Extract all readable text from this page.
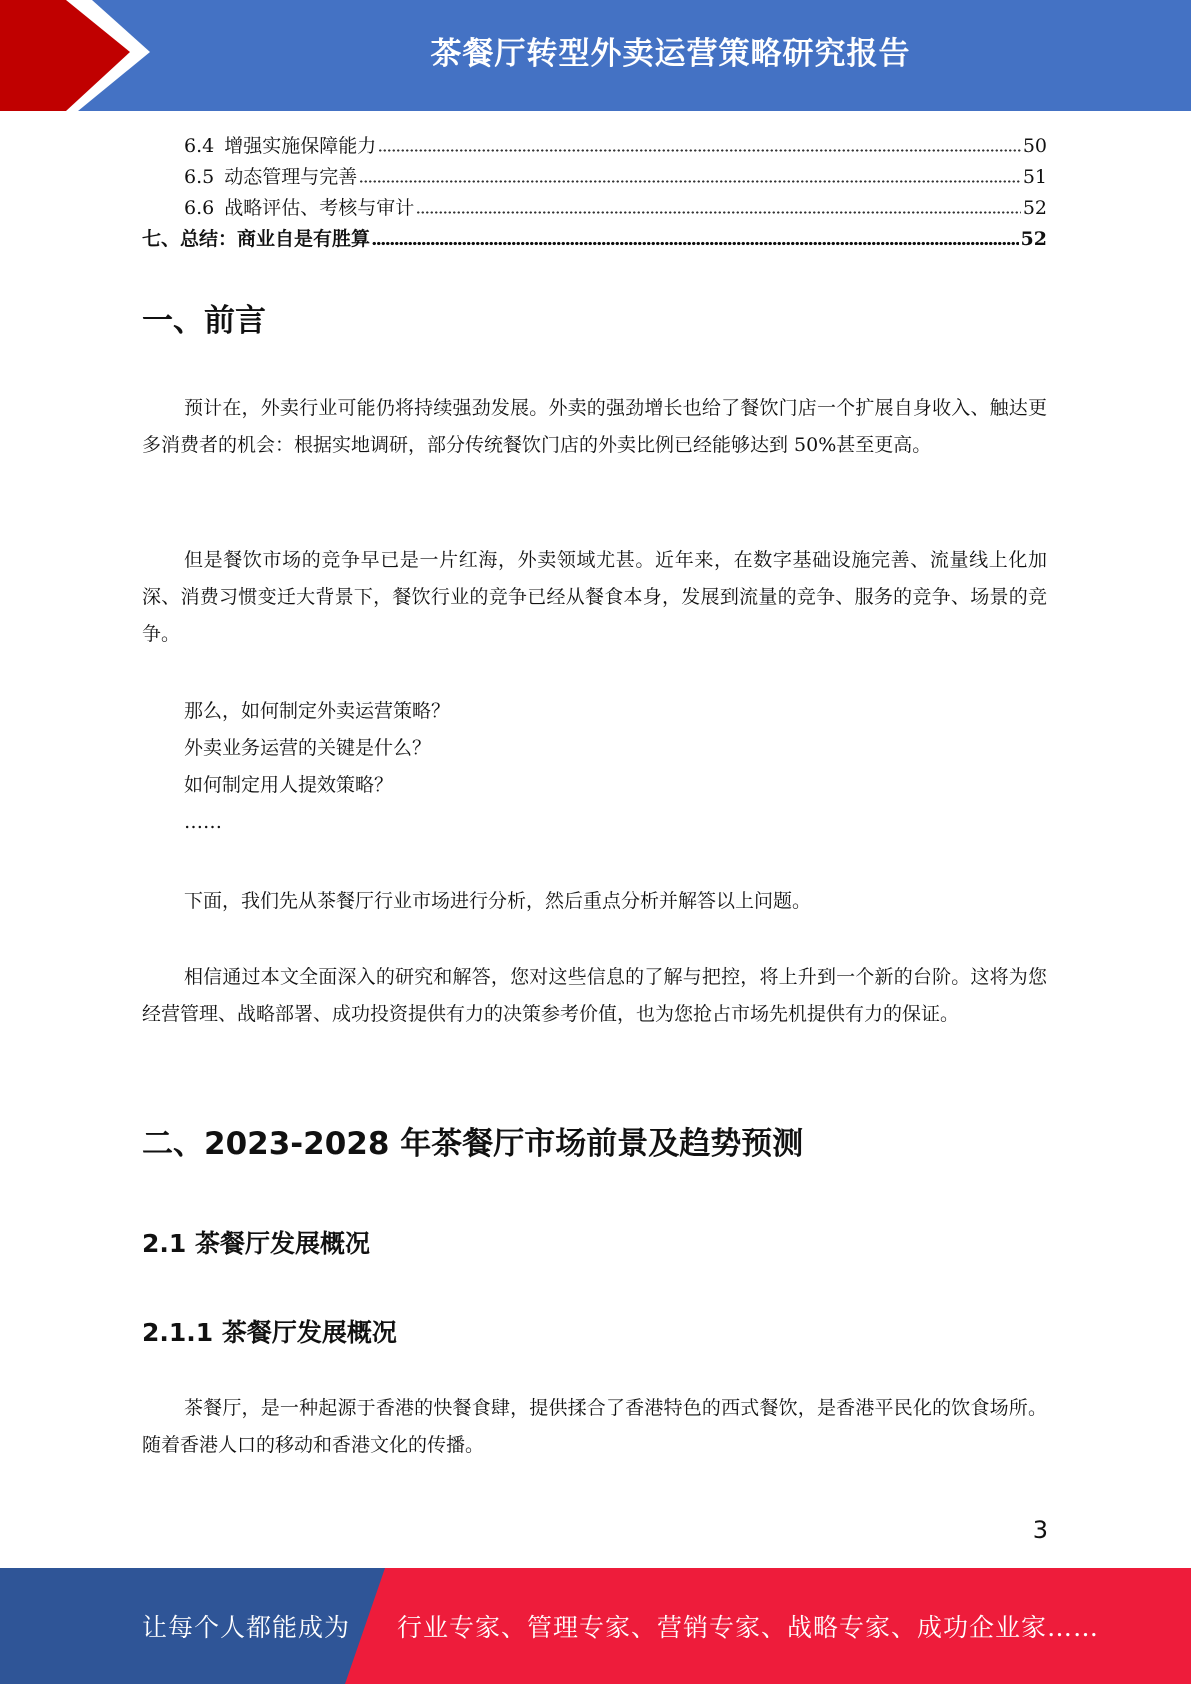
茶餐厅转型外卖运营策略研究报告
6.4 增强实施保障能力	50
6.5 动态管理与完善	51
6.6 战略评估、考核与审计	52
七、总结：商业自是有胜算	52
一、前言

预计在，外卖行业可能仍将持续强劲发展。外卖的强劲增长也给了餐饮门店一个扩展自身收入、触达更多消费者的机会：根据实地调研，部分传统餐饮门店的外卖比例已经能够达到 50%甚至更高。

但是餐饮市场的竞争早已是一片红海，外卖领域尤甚。近年来，在数字基础设施完善、流量线上化加深、消费习惯变迁大背景下，餐饮行业的竞争已经从餐食本身，发展到流量的竞争、服务的竞争、场景的竞争。

那么，如何制定外卖运营策略？
外卖业务运营的关键是什么？
如何制定用人提效策略？
……

下面，我们先从茶餐厅行业市场进行分析，然后重点分析并解答以上问题。

相信通过本文全面深入的研究和解答，您对这些信息的了解与把控，将上升到一个新的台阶。这将为您经营管理、战略部署、成功投资提供有力的决策参考价值，也为您抢占市场先机提供有力的保证。

二、2023-2028 年茶餐厅市场前景及趋势预测
2.1 茶餐厅发展概况
2.1.1 茶餐厅发展概况

茶餐厅，是一种起源于香港的快餐食肆，提供揉合了香港特色的西式餐饮，是香港平民化的饮食场所。随着香港人口的移动和香港文化的传播。

3
让每个人都能成为 行业专家、管理专家、营销专家、战略专家、成功企业家……
